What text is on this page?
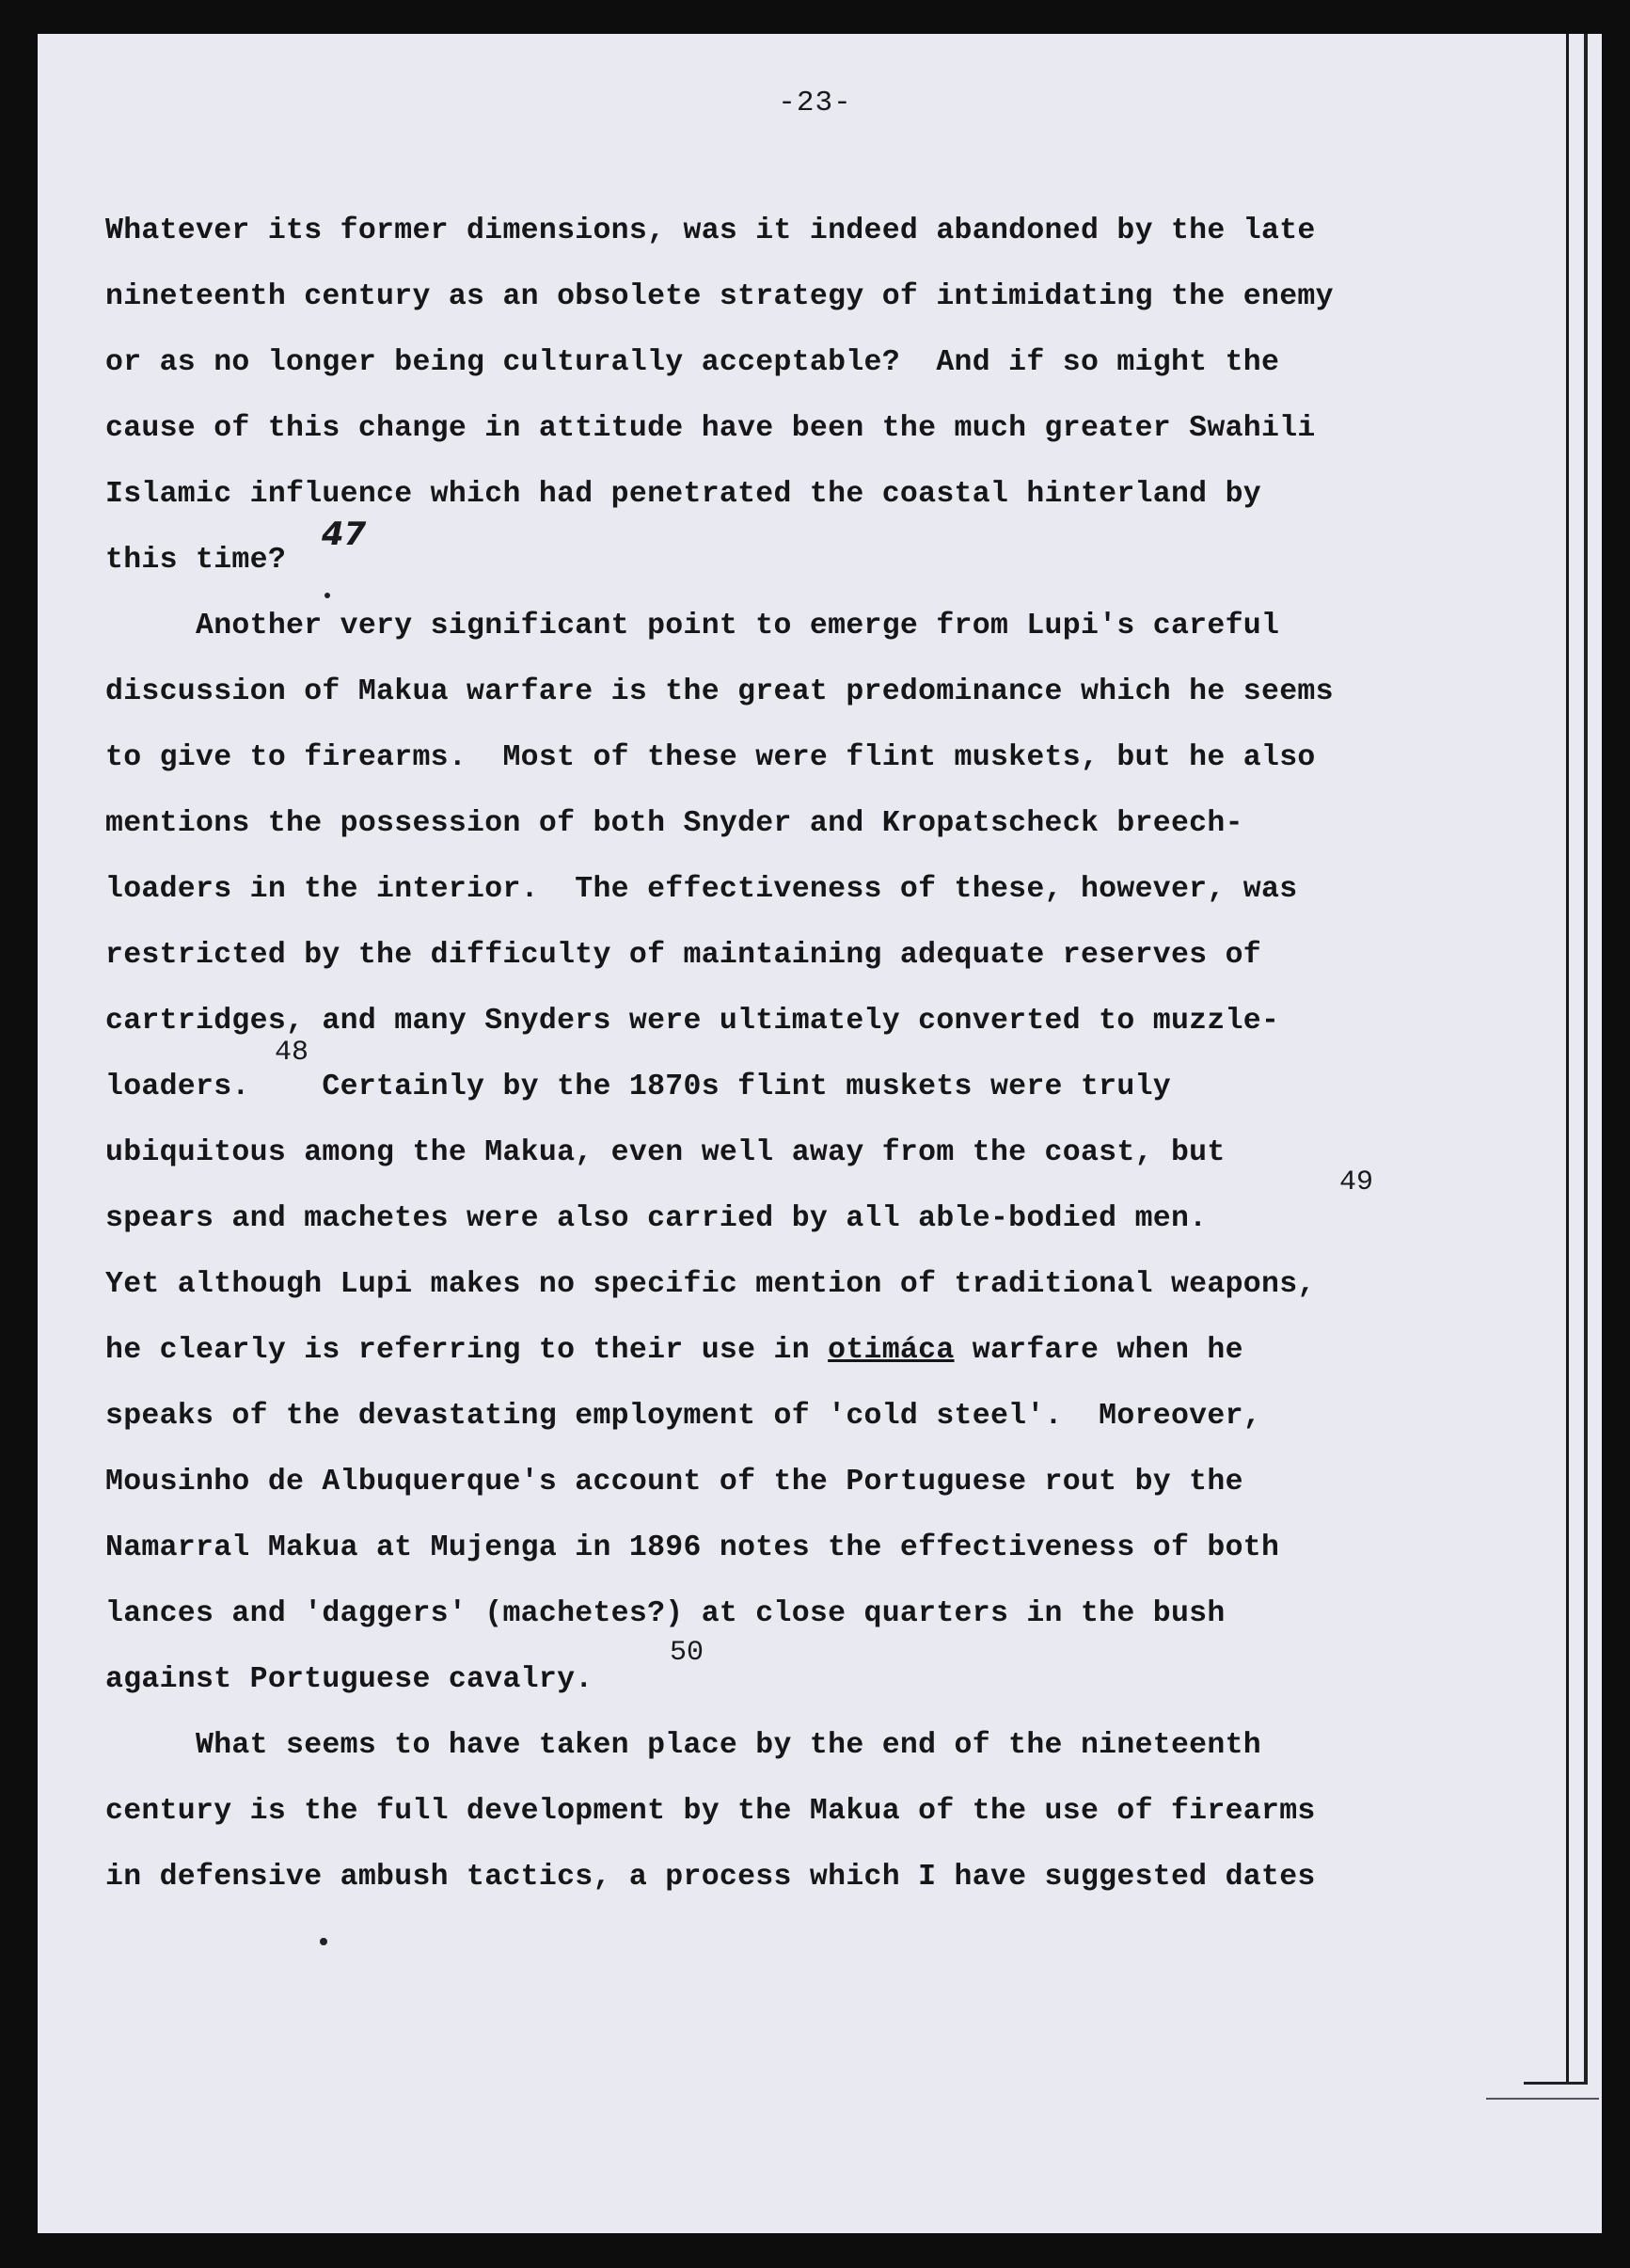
-23-
Whatever its former dimensions, was it indeed abandoned by the late
nineteenth century as an obsolete strategy of intimidating the enemy
or as no longer being culturally acceptable?  And if so might the
cause of this change in attitude have been the much greater Swahili
Islamic influence which had penetrated the coastal hinterland by
this time?
47
Another very significant point to emerge from Lupi's careful
discussion of Makua warfare is the great predominance which he seems
to give to firearms.  Most of these were flint muskets, but he also
mentions the possession of both Snyder and Kropatscheck breech-
loaders in the interior.  The effectiveness of these, however, was
restricted by the difficulty of maintaining adequate reserves of
cartridges, and many Snyders were ultimately converted to muzzle-
48
loaders.    Certainly by the 1870s flint muskets were truly
ubiquitous among the Makua, even well away from the coast, but
49
spears and machetes were also carried by all able-bodied men.
Yet although Lupi makes no specific mention of traditional weapons,
he clearly is referring to their use in otimáca warfare when he
speaks of the devastating employment of 'cold steel'.  Moreover,
Mousinho de Albuquerque's account of the Portuguese rout by the
Namarral Makua at Mujenga in 1896 notes the effectiveness of both
lances and 'daggers' (machetes?) at close quarters in the bush
50
against Portuguese cavalry.
What seems to have taken place by the end of the nineteenth
century is the full development by the Makua of the use of firearms
in defensive ambush tactics, a process which I have suggested dates
